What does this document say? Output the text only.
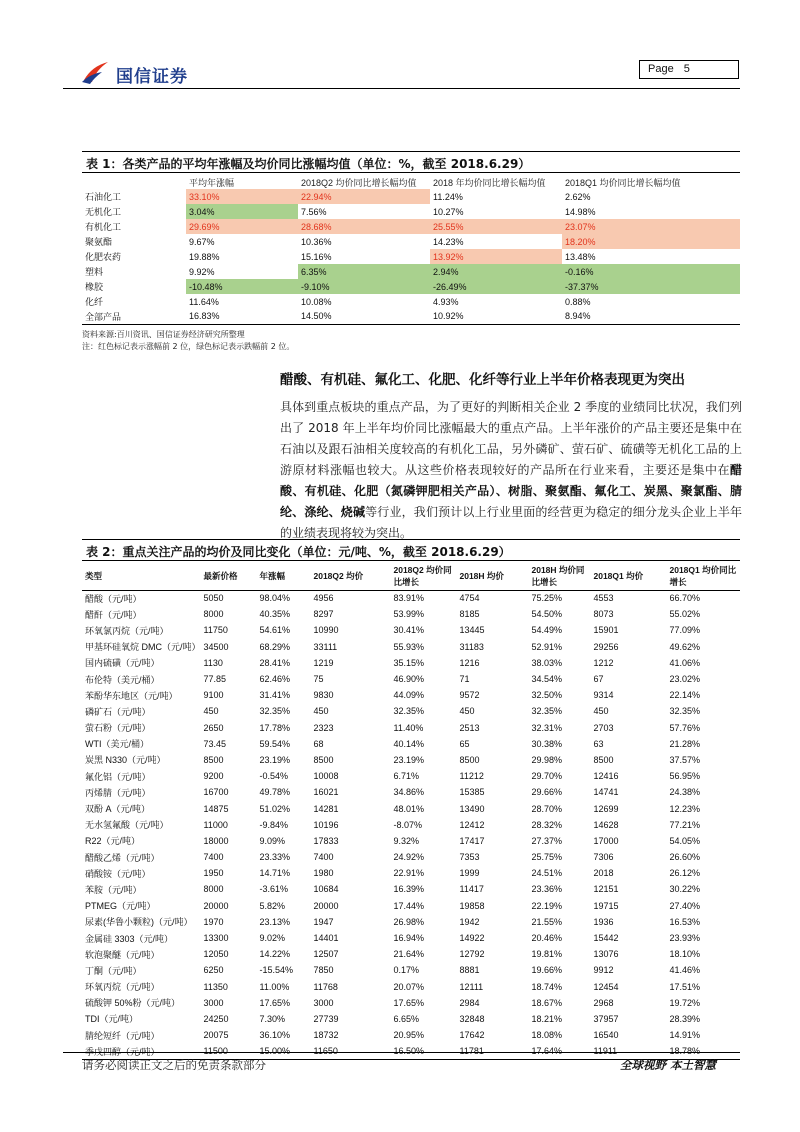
国信证券	Page 5
表 1：各类产品的平均年涨幅及均价同比涨幅均值（单位：%，截至 2018.6.29）
	平均年涨幅	2018Q2 均价同比增长幅均值	2018 年均价同比增长幅均值	2018Q1 均价同比增长幅均值
石油化工	33.10%	22.94%	11.24%	2.62%
无机化工	3.04%	7.56%	10.27%	14.98%
有机化工	29.69%	28.68%	25.55%	23.07%
聚氨酯	9.67%	10.36%	14.23%	18.20%
化肥农药	19.88%	15.16%	13.92%	13.48%
塑料	9.92%	6.35%	2.94%	-0.16%
橡胶	-10.48%	-9.10%	-26.49%	-37.37%
化纤	11.64%	10.08%	4.93%	0.88%
全部产品	16.83%	14.50%	10.92%	8.94%
资料来源:百川资讯、国信证券经济研究所整理
注：红色标记表示涨幅前 2 位，绿色标记表示跌幅前 2 位。
醋酸、有机硅、氟化工、化肥、化纤等行业上半年价格表现更为突出
具体到重点板块的重点产品，为了更好的判断相关企业 2 季度的业绩同比状况，我们列出了 2018 年上半年均价同比涨幅最大的重点产品。上半年涨价的产品主要还是集中在石油以及跟石油相关度较高的有机化工品，另外磷矿、萤石矿、硫磺等无机化工品的上游原材料涨幅也较大。从这些价格表现较好的产品所在行业来看，主要还是集中在醋酸、有机硅、化肥（氮磷钾肥相关产品）、树脂、聚氨酯、氟化工、炭黑、聚氯酯、腈纶、涤纶、烧碱等行业，我们预计以上行业里面的经营更为稳定的细分龙头企业上半年的业绩表现将较为突出。
表 2：重点关注产品的均价及同比变化（单位：元/吨、%，截至 2018.6.29）
类型	最新价格	年涨幅	2018Q2 均价	2018Q2 均价同比增长	2018H 均价	2018H 均价同比增长	2018Q1 均价	2018Q1 均价同比增长
醋酸（元/吨）	5050	98.04%	4956	83.91%	4754	75.25%	4553	66.70%
醋酐（元/吨）	8000	40.35%	8297	53.99%	8185	54.50%	8073	55.02%
环氧氯丙烷（元/吨）	11750	54.61%	10990	30.41%	13445	54.49%	15901	77.09%
甲基环硅氧烷 DMC（元/吨）	34500	68.29%	33111	55.93%	31183	52.91%	29256	49.62%
国内硫磺（元/吨）	1130	28.41%	1219	35.15%	1216	38.03%	1212	41.06%
布伦特（美元/桶）	77.85	62.46%	75	46.90%	71	34.54%	67	23.02%
苯酚华东地区（元/吨）	9100	31.41%	9830	44.09%	9572	32.50%	9314	22.14%
磷矿石（元/吨）	450	32.35%	450	32.35%	450	32.35%	450	32.35%
萤石粉（元/吨）	2650	17.78%	2323	11.40%	2513	32.31%	2703	57.76%
WTI（美元/桶）	73.45	59.54%	68	40.14%	65	30.38%	63	21.28%
炭黑 N330（元/吨）	8500	23.19%	8500	23.19%	8500	29.98%	8500	37.57%
氟化铝（元/吨）	9200	-0.54%	10008	6.71%	11212	29.70%	12416	56.95%
丙烯腈（元/吨）	16700	49.78%	16021	34.86%	15385	29.66%	14741	24.38%
双酚 A（元/吨）	14875	51.02%	14281	48.01%	13490	28.70%	12699	12.23%
无水氢氟酸（元/吨）	11000	-9.84%	10196	-8.07%	12412	28.32%	14628	77.21%
R22（元/吨）	18000	9.09%	17833	9.32%	17417	27.37%	17000	54.05%
醋酸乙烯（元/吨）	7400	23.33%	7400	24.92%	7353	25.75%	7306	26.60%
硝酸铵（元/吨）	1950	14.71%	1980	22.91%	1999	24.51%	2018	26.12%
苯胺（元/吨）	8000	-3.61%	10684	16.39%	11417	23.36%	12151	30.22%
PTMEG（元/吨）	20000	5.82%	20000	17.44%	19858	22.19%	19715	27.40%
尿素(华鲁小颗粒)（元/吨）	1970	23.13%	1947	26.98%	1942	21.55%	1936	16.53%
金属硅 3303（元/吨）	13300	9.02%	14401	16.94%	14922	20.46%	15442	23.93%
软泡聚醚（元/吨）	12050	14.22%	12507	21.64%	12792	19.81%	13076	18.10%
丁酮（元/吨）	6250	-15.54%	7850	0.17%	8881	19.66%	9912	41.46%
环氧丙烷（元/吨）	11350	11.00%	11768	20.07%	12111	18.74%	12454	17.51%
硫酸钾 50%粉（元/吨）	3000	17.65%	3000	17.65%	2984	18.67%	2968	19.72%
TDI（元/吨）	24250	7.30%	27739	6.65%	32848	18.21%	37957	28.39%
腈纶短纤（元/吨）	20075	36.10%	18732	20.95%	17642	18.08%	16540	14.91%
季戊四醇（元/吨）	11500	15.00%	11650	16.50%	11781	17.64%	11911	18.78%
请务必阅读正文之后的免责条款部分	全球视野 本土智慧
